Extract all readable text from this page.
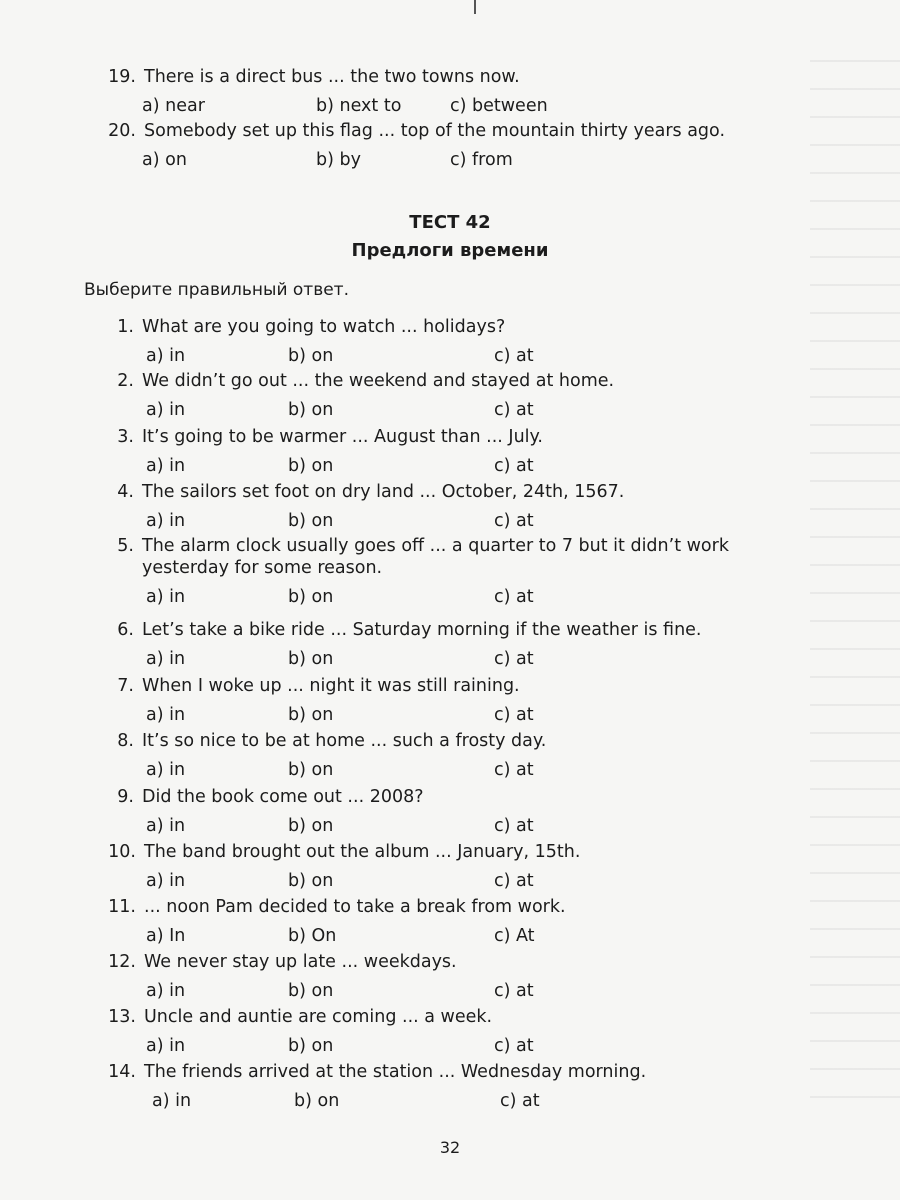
19. There is a direct bus ... the two towns now.
a) near	b) next to	c) between
20. Somebody set up this flag ... top of the mountain thirty years ago.
a) on	b) by	c) from
ТЕСТ 42
Предлоги времени
Выберите правильный ответ.
1. What are you going to watch ... holidays?
a) in	b) on	c) at
2. We didn’t go out ... the weekend and stayed at home.
a) in	b) on	c) at
3. It’s going to be warmer ... August than ... July.
a) in	b) on	c) at
4. The sailors set foot on dry land ... October, 24th, 1567.
a) in	b) on	c) at
5. The alarm clock usually goes off ... a quarter to 7 but it didn’t work
yesterday for some reason.
a) in	b) on	c) at
6. Let’s take a bike ride ... Saturday morning if the weather is fine.
a) in	b) on	c) at
7. When I woke up ... night it was still raining.
a) in	b) on	c) at
8. It’s so nice to be at home ... such a frosty day.
a) in	b) on	c) at
9. Did the book come out ... 2008?
a) in	b) on	c) at
10. The band brought out the album ... January, 15th.
a) in	b) on	c) at
11. ... noon Pam decided to take a break from work.
a) In	b) On	c) At
12. We never stay up late ... weekdays.
a) in	b) on	c) at
13. Uncle and auntie are coming ... a week.
a) in	b) on	c) at
14. The friends arrived at the station ... Wednesday morning.
a) in	b) on	c) at
32
